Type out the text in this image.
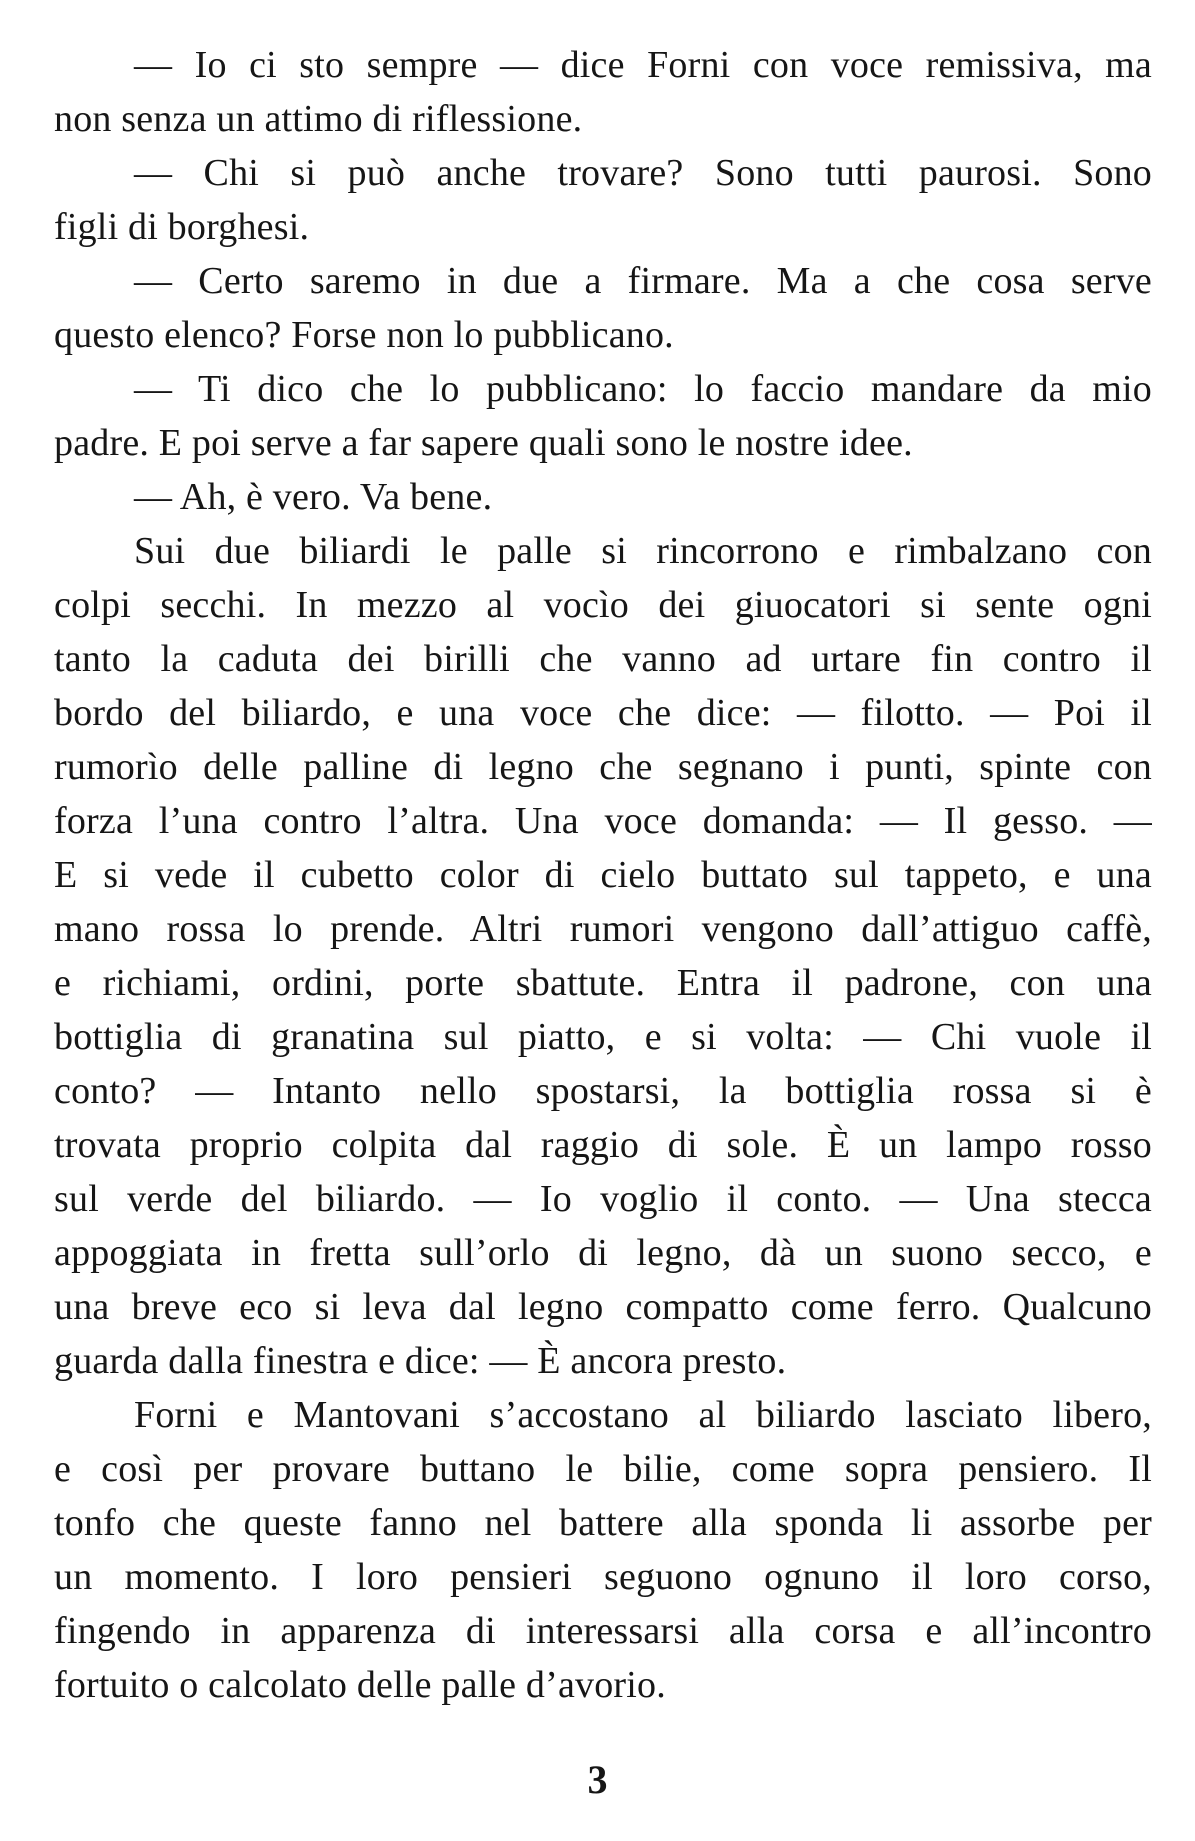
— Io ci sto sempre — dice Forni con voce remissiva, ma
non senza un attimo di riflessione.
— Chi si può anche trovare? Sono tutti paurosi. Sono
figli di borghesi.
— Certo saremo in due a firmare. Ma a che cosa serve
questo elenco? Forse non lo pubblicano.
— Ti dico che lo pubblicano: lo faccio mandare da mio
padre. E poi serve a far sapere quali sono le nostre idee.
— Ah, è vero. Va bene.
Sui due biliardi le palle si rincorrono e rimbalzano con
colpi secchi. In mezzo al vocìo dei giuocatori si sente ogni
tanto la caduta dei birilli che vanno ad urtare fin contro il
bordo del biliardo, e una voce che dice: — filotto. — Poi il
rumorìo delle palline di legno che segnano i punti, spinte con
forza l’una contro l’altra. Una voce domanda: — Il gesso. —
E si vede il cubetto color di cielo buttato sul tappeto, e una
mano rossa lo prende. Altri rumori vengono dall’attiguo caffè,
e richiami, ordini, porte sbattute. Entra il padrone, con una
bottiglia di granatina sul piatto, e si volta: — Chi vuole il
conto? — Intanto nello spostarsi, la bottiglia rossa si è
trovata proprio colpita dal raggio di sole. È un lampo rosso
sul verde del biliardo. — Io voglio il conto. — Una stecca
appoggiata in fretta sull’orlo di legno, dà un suono secco, e
una breve eco si leva dal legno compatto come ferro. Qualcuno
guarda dalla finestra e dice: — È ancora presto.
Forni e Mantovani s’accostano al biliardo lasciato libero,
e così per provare buttano le bilie, come sopra pensiero. Il
tonfo che queste fanno nel battere alla sponda li assorbe per
un momento. I loro pensieri seguono ognuno il loro corso,
fingendo in apparenza di interessarsi alla corsa e all’incontro
fortuito o calcolato delle palle d’avorio.
3
